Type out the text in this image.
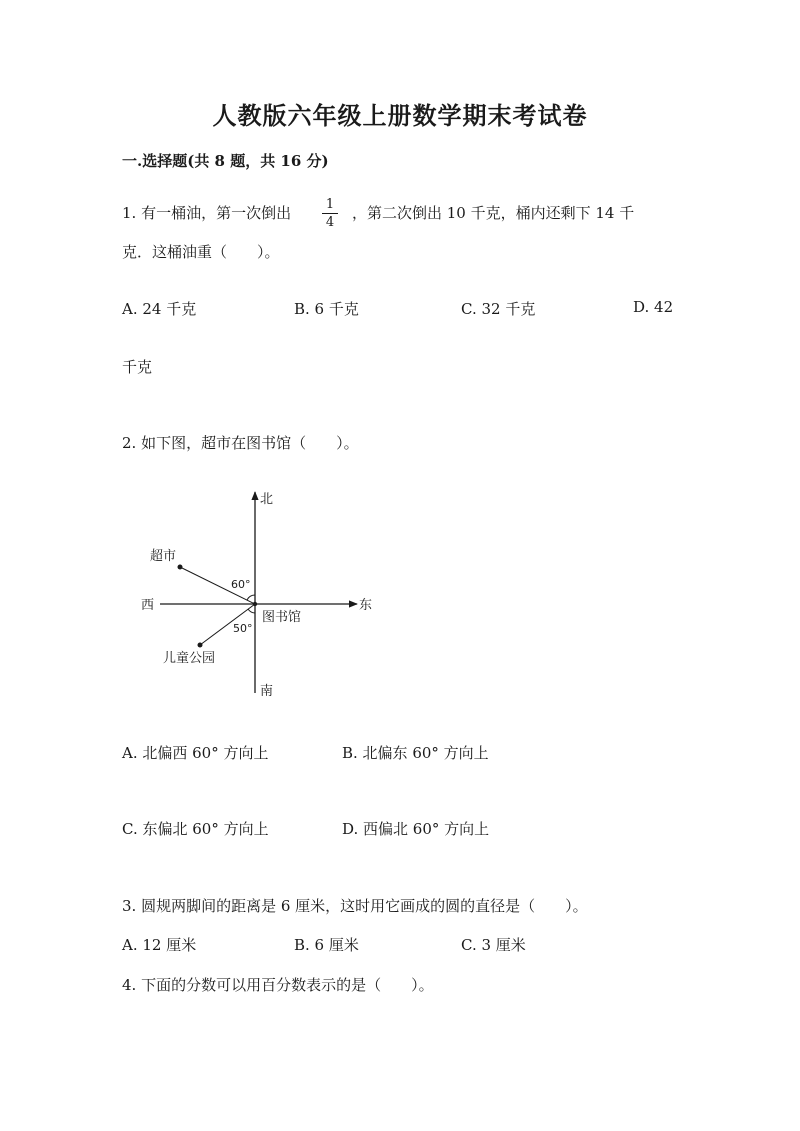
人教版六年级上册数学期末考试卷
一.选择题(共 8 题，共 16 分)
1. 有一桶油，第一次倒出	1
4
，第二次倒出 10 千克，桶内还剩下 14 千
克．这桶油重（　　）。
A. 24 千克	B. 6 千克	C. 32 千克	D. 42
千克
2. 如下图，超市在图书馆（　　）。
北
南
东
西
图书馆
超市
儿童公园
60°
50°
A. 北偏西 60° 方向上	B. 北偏东 60° 方向上
C. 东偏北 60° 方向上	D. 西偏北 60° 方向上
3. 圆规两脚间的距离是 6 厘米，这时用它画成的圆的直径是（　　）。
A. 12 厘米	B. 6 厘米	C. 3 厘米
4. 下面的分数可以用百分数表示的是（　　）。
